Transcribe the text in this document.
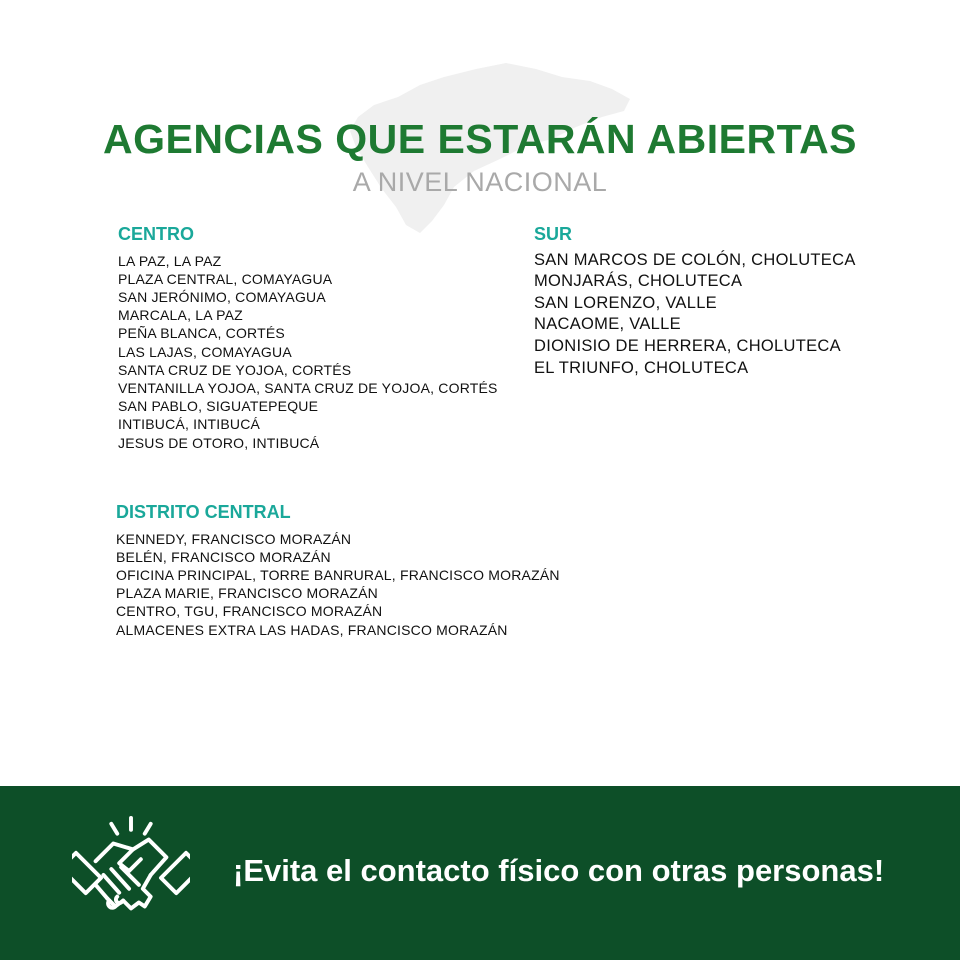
AGENCIAS QUE ESTARÁN ABIERTAS
A NIVEL NACIONAL
CENTRO
LA PAZ, LA PAZ
PLAZA CENTRAL, COMAYAGUA
SAN JERÓNIMO, COMAYAGUA
MARCALA, LA PAZ
PEÑA BLANCA, CORTÉS
LAS LAJAS, COMAYAGUA
SANTA CRUZ DE YOJOA, CORTÉS
VENTANILLA YOJOA, SANTA CRUZ DE YOJOA, CORTÉS
SAN PABLO, SIGUATEPEQUE
INTIBUCÁ, INTIBUCÁ
JESUS DE OTORO, INTIBUCÁ
SUR
SAN MARCOS DE COLÓN, CHOLUTECA
MONJARÁS, CHOLUTECA
SAN LORENZO, VALLE
NACAOME, VALLE
DIONISIO DE HERRERA, CHOLUTECA
EL TRIUNFO, CHOLUTECA
DISTRITO CENTRAL
KENNEDY, FRANCISCO MORAZÁN
BELÉN, FRANCISCO MORAZÁN
OFICINA PRINCIPAL, TORRE BANRURAL, FRANCISCO MORAZÁN
PLAZA MARIE, FRANCISCO MORAZÁN
CENTRO, TGU, FRANCISCO MORAZÁN
ALMACENES EXTRA LAS HADAS, FRANCISCO MORAZÁN
¡Evita el contacto físico con otras personas!
